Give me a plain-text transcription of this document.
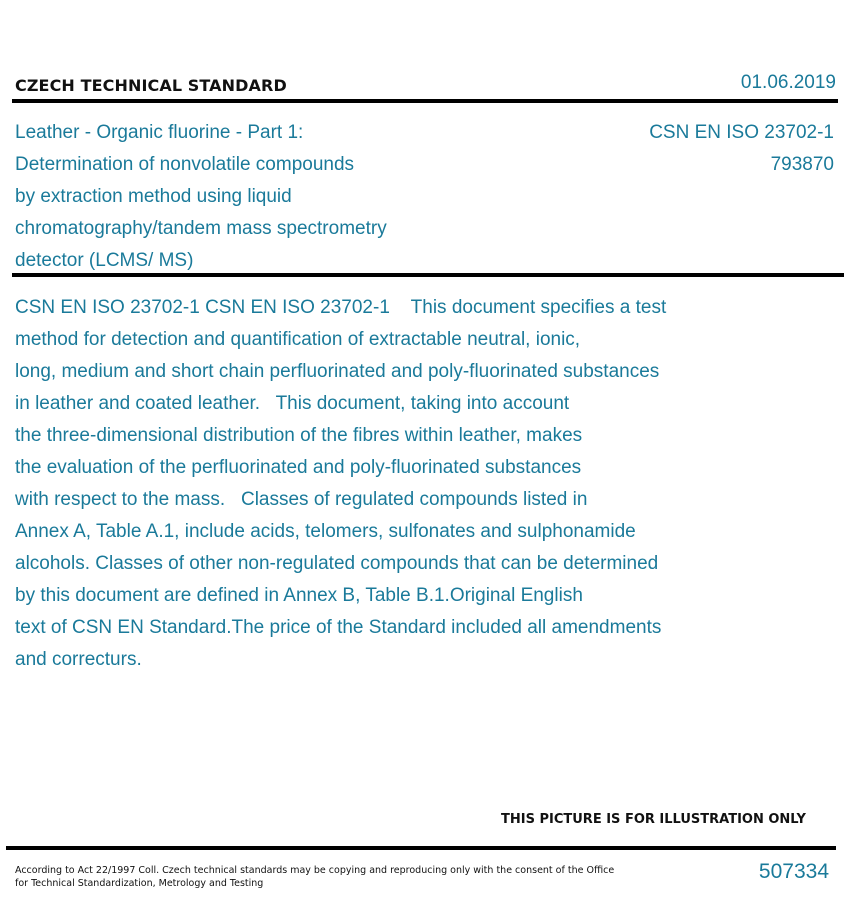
CZECH TECHNICAL STANDARD	01.06.2019
Leather - Organic fluorine - Part 1:
Determination of nonvolatile compounds
by extraction method using liquid
chromatography/tandem mass spectrometry
detector (LCMS/ MS)
CSN EN ISO 23702-1
793870
CSN EN ISO 23702-1 CSN EN ISO 23702-1    This document specifies a test
method for detection and quantification of extractable neutral, ionic,
long, medium and short chain perfluorinated and poly-fluorinated substances
in leather and coated leather.   This document, taking into account
the three-dimensional distribution of the fibres within leather, makes
the evaluation of the perfluorinated and poly-fluorinated substances
with respect to the mass.   Classes of regulated compounds listed in
Annex A, Table A.1, include acids, telomers, sulfonates and sulphonamide
alcohols. Classes of other non-regulated compounds that can be determined
by this document are defined in Annex B, Table B.1.Original English
text of CSN EN Standard.The price of the Standard included all amendments
and correcturs.
THIS PICTURE IS FOR ILLUSTRATION ONLY
According to Act 22/1997 Coll. Czech technical standards may be copying and reproducing only with the consent of the Office
for Technical Standardization, Metrology and Testing
507334
